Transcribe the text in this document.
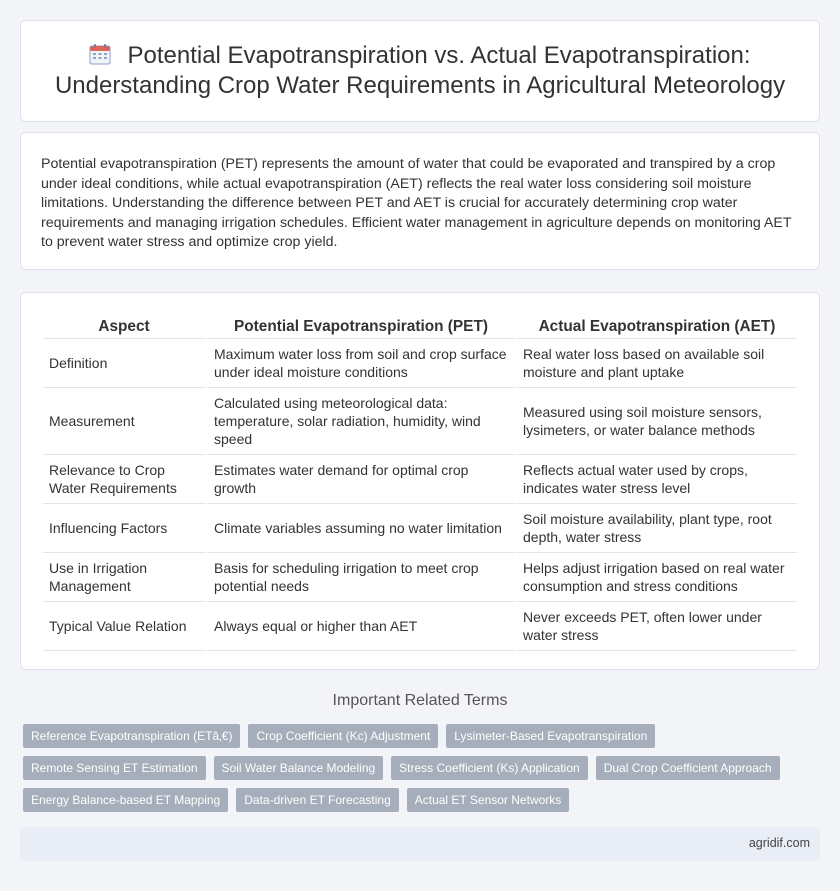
Potential Evapotranspiration vs. Actual Evapotranspiration: Understanding Crop Water Requirements in Agricultural Meteorology

Potential evapotranspiration (PET) represents the amount of water that could be evaporated and transpired by a crop under ideal conditions, while actual evapotranspiration (AET) reflects the real water loss considering soil moisture limitations. Understanding the difference between PET and AET is crucial for accurately determining crop water requirements and managing irrigation schedules. Efficient water management in agriculture depends on monitoring AET to prevent water stress and optimize crop yield.

Aspect	Potential Evapotranspiration (PET)	Actual Evapotranspiration (AET)
Definition	Maximum water loss from soil and crop surface under ideal moisture conditions	Real water loss based on available soil moisture and plant uptake
Measurement	Calculated using meteorological data: temperature, solar radiation, humidity, wind speed	Measured using soil moisture sensors, lysimeters, or water balance methods
Relevance to Crop Water Requirements	Estimates water demand for optimal crop growth	Reflects actual water used by crops, indicates water stress level
Influencing Factors	Climate variables assuming no water limitation	Soil moisture availability, plant type, root depth, water stress
Use in Irrigation Management	Basis for scheduling irrigation to meet crop potential needs	Helps adjust irrigation based on real water consumption and stress conditions
Typical Value Relation	Always equal or higher than AET	Never exceeds PET, often lower under water stress
Important Related Terms
Reference Evapotranspiration (ETâ‚€)	Crop Coefficient (Kc) Adjustment	Lysimeter-Based Evapotranspiration
Remote Sensing ET Estimation	Soil Water Balance Modeling	Stress Coefficient (Ks) Application	Dual Crop Coefficient Approach
Energy Balance-based ET Mapping	Data-driven ET Forecasting	Actual ET Sensor Networks
agridif.com
